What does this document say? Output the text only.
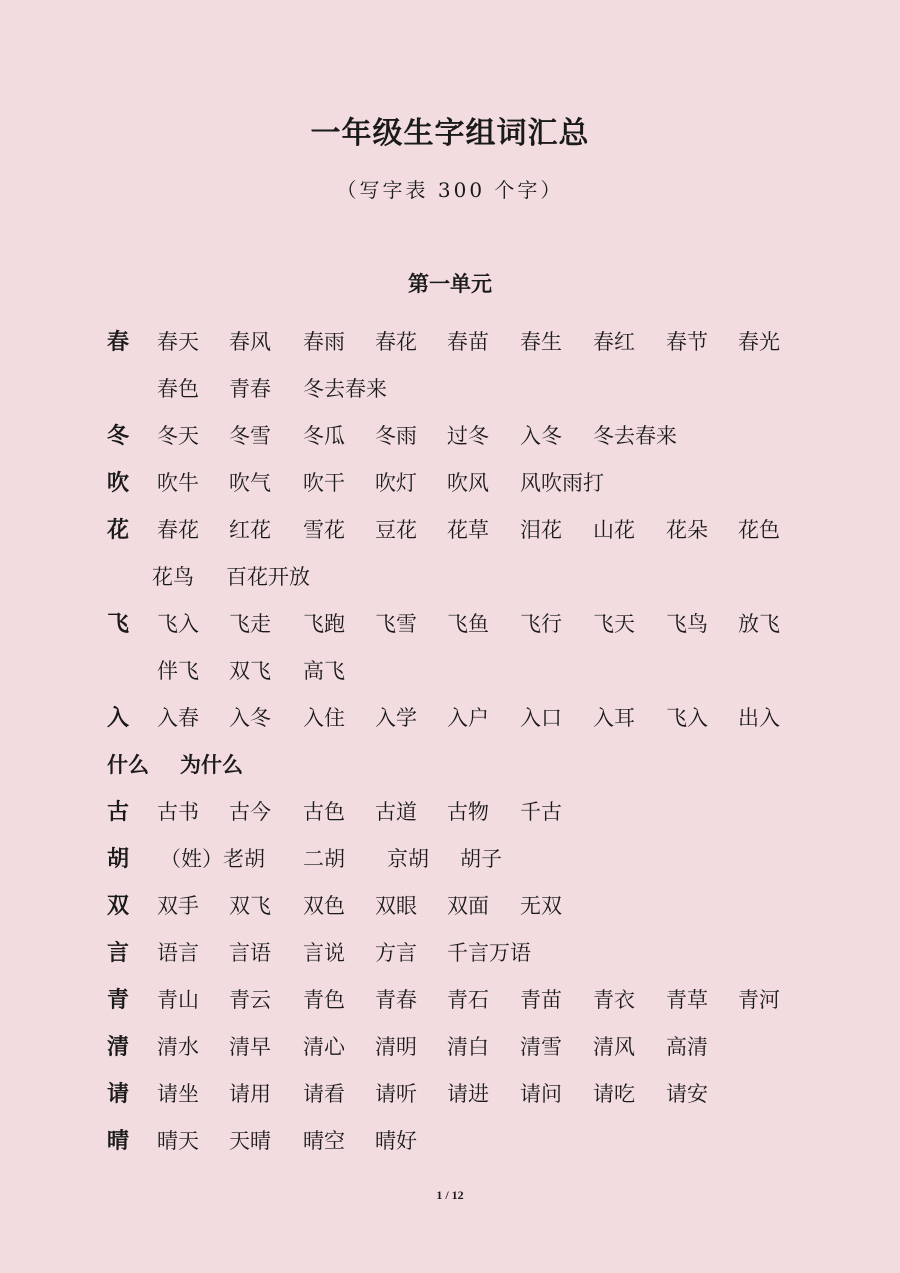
一年级生字组词汇总
（写字表 300 个字）
第一单元
春 春天 春风 春雨 春花 春苗 春生 春红 春节 春光
春色 青春 冬去春来
冬 冬天 冬雪 冬瓜 冬雨 过冬 入冬 冬去春来
吹 吹牛 吹气 吹干 吹灯 吹风 风吹雨打
花 春花 红花 雪花 豆花 花草 泪花 山花 花朵 花色
花鸟 百花开放
飞 飞入 飞走 飞跑 飞雪 飞鱼 飞行 飞天 飞鸟 放飞
伴飞 双飞 高飞
入 入春 入冬 入住 入学 入户 入口 入耳 飞入 出入
什么 为什么
古 古书 古今 古色 古道 古物 千古
胡 （姓）老胡 二胡 京胡 胡子
双 双手 双飞 双色 双眼 双面 无双
言 语言 言语 言说 方言 千言万语
青 青山 青云 青色 青春 青石 青苗 青衣 青草 青河
清 清水 清早 清心 清明 清白 清雪 清风 高清
请 请坐 请用 请看 请听 请进 请问 请吃 请安
晴 晴天 天晴 晴空 晴好
1 / 12
